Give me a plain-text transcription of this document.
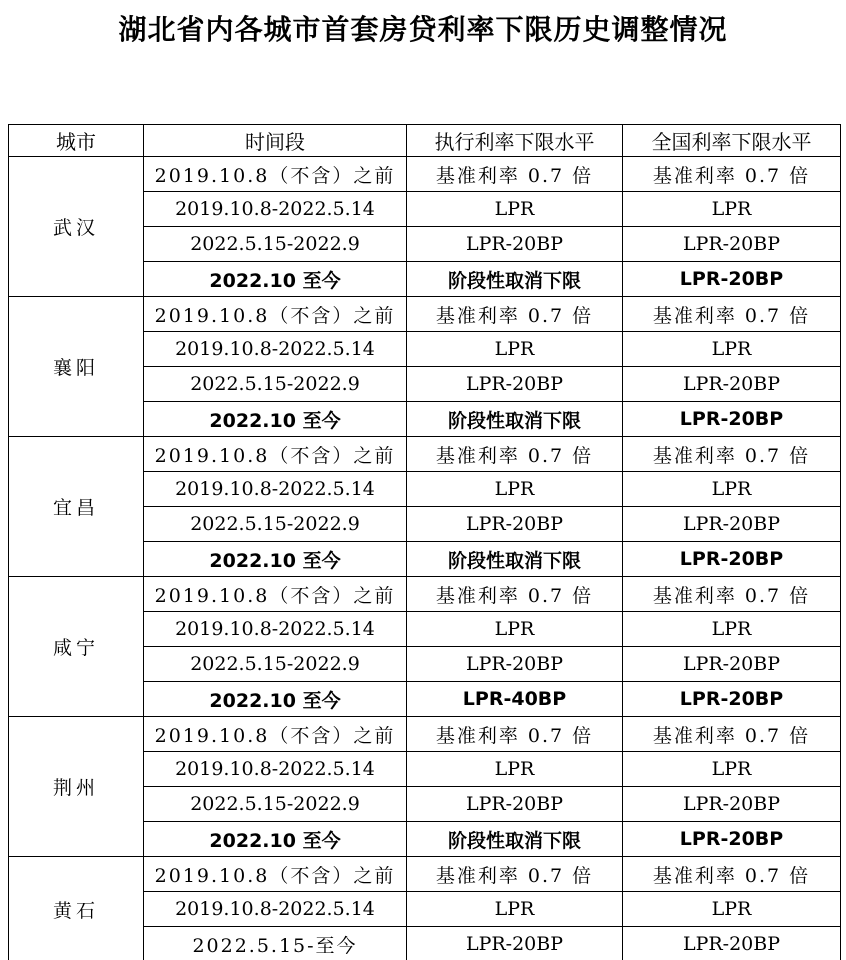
湖北省内各城市首套房贷利率下限历史调整情况
城市	时间段	执行利率下限水平	全国利率下限水平
武汉	2019.10.8（不含）之前	基准利率 0.7 倍	基准利率 0.7 倍
	2019.10.8-2022.5.14	LPR	LPR
	2022.5.15-2022.9	LPR-20BP	LPR-20BP
	2022.10 至今	阶段性取消下限	LPR-20BP
襄阳	2019.10.8（不含）之前	基准利率 0.7 倍	基准利率 0.7 倍
	2019.10.8-2022.5.14	LPR	LPR
	2022.5.15-2022.9	LPR-20BP	LPR-20BP
	2022.10 至今	阶段性取消下限	LPR-20BP
宜昌	2019.10.8（不含）之前	基准利率 0.7 倍	基准利率 0.7 倍
	2019.10.8-2022.5.14	LPR	LPR
	2022.5.15-2022.9	LPR-20BP	LPR-20BP
	2022.10 至今	阶段性取消下限	LPR-20BP
咸宁	2019.10.8（不含）之前	基准利率 0.7 倍	基准利率 0.7 倍
	2019.10.8-2022.5.14	LPR	LPR
	2022.5.15-2022.9	LPR-20BP	LPR-20BP
	2022.10 至今	LPR-40BP	LPR-20BP
荆州	2019.10.8（不含）之前	基准利率 0.7 倍	基准利率 0.7 倍
	2019.10.8-2022.5.14	LPR	LPR
	2022.5.15-2022.9	LPR-20BP	LPR-20BP
	2022.10 至今	阶段性取消下限	LPR-20BP
黄石	2019.10.8（不含）之前	基准利率 0.7 倍	基准利率 0.7 倍
	2019.10.8-2022.5.14	LPR	LPR
	2022.5.15-至今	LPR-20BP	LPR-20BP
